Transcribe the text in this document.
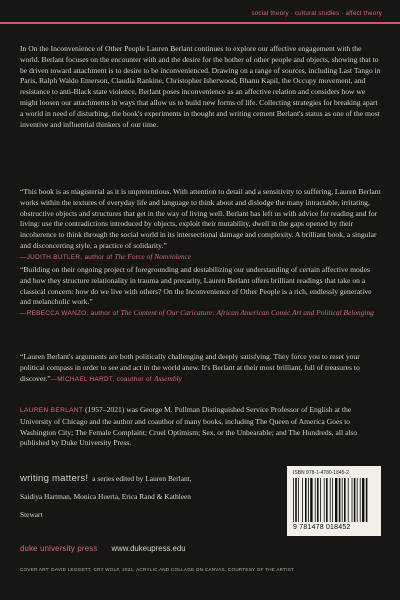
social theory · cultural studies · affect theory

In On the Inconvenience of Other People Lauren Berlant continues to explore our affective engagement with the world. Berlant focuses on the encounter with and the desire for the bother of other people and objects, showing that to be driven toward attachment is to desire to be inconvenienced. Drawing on a range of sources, including Last Tango in Paris, Ralph Waldo Emerson, Claudia Rankine, Christopher Isherwood, Bhanu Kapil, the Occupy movement, and resistance to anti-Black state violence, Berlant poses inconvenience as an affective relation and considers how we might loosen our attachments in ways that allow us to build new forms of life. Collecting strategies for breaking apart a world in need of disturbing, the book's experiments in thought and writing cement Berlant's status as one of the most inventive and influential thinkers of our time.

“This book is as magisterial as it is unpretentious. With attention to detail and a sensitivity to suffering, Lauren Berlant works within the textures of everyday life and language to think about and dislodge the many intractable, irritating, obstructive objects and structures that get in the way of living well. Berlant has left us with advice for reading and for living: use the contradictions introduced by objects, exploit their mutability, dwell in the gaps opened by their incoherence to think through the social world in its intersectional damage and complexity. A brilliant book, a singular and disconcerting style, a practice of solidarity.”
—JUDITH BUTLER, author of The Force of Nonviolence

“Building on their ongoing project of foregrounding and destabilizing our understanding of certain affective modes and how they structure relationality in trauma and precarity, Lauren Berlant offers brilliant readings that take on a classical concern: how do we live with others? On the Inconvenience of Other People is a rich, endlessly generative and melancholic work.”
—REBECCA WANZO, author of The Content of Our Caricature: African American Comic Art and Political Belonging

“Lauren Berlant's arguments are both politically challenging and deeply satisfying. They force you to reset your political compass in order to see and act in the world anew. It's Berlant at their most brilliant, full of treasures to discover.”—MICHAEL HARDT, coauthor of Assembly

LAUREN BERLANT (1957–2021) was George M. Pullman Distinguished Service Professor of English at the University of Chicago and the author and coauthor of many books, including The Queen of America Goes to Washington City; The Female Complaint; Cruel Optimism; Sex, or the Unbearable; and The Hundreds, all also published by Duke University Press.

writing matters! a series edited by Lauren Berlant, Saidiya Hartman, Monica Huerta, Erica Rand & Kathleen Stewart
duke university press www.dukeupress.edu
COVER ART: DAVID LEGGETT, CRY WOLF, 2021. ACRYLIC AND COLLAGE ON CANVAS. COURTESY OF THE ARTIST
ISBN 978-1-4780-1845-2
9 781478 018452
